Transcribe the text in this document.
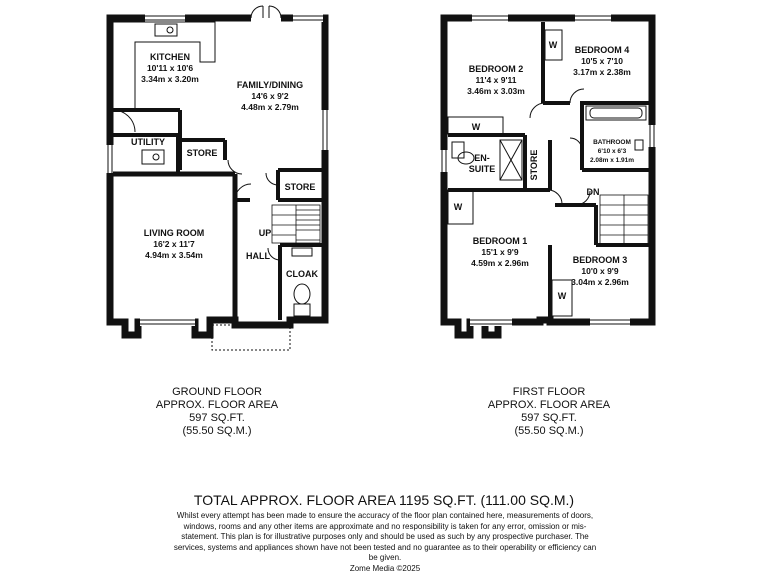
KITCHEN
10'11 x 10'6
3.34m x 3.20m
FAMILY/DINING
14'6 x 9'2
4.48m x 2.79m
UTILITY
STORE
STORE
LIVING ROOM
16'2 x 11'7
4.94m x 3.54m
UP
HALL
CLOAK
BEDROOM 2
11'4 x 9'11
3.46m x 3.03m
BEDROOM 4
10'5 x 7'10
3.17m x 2.38m
BATHROOM
6'10 x 6'3
2.08m x 1.91m
EN-
SUITE	STORE
DN
BEDROOM 1
15'1 x 9'9
4.59m x 2.96m	BEDROOM 3
10'0 x 9'9
3.04m x 2.96m
W
W
W
W
GROUND FLOOR
APPROX. FLOOR AREA
597 SQ.FT.
(55.50 SQ.M.)
FIRST FLOOR
APPROX. FLOOR AREA
597 SQ.FT.
(55.50 SQ.M.)
TOTAL APPROX. FLOOR AREA 1195 SQ.FT. (111.00 SQ.M.)
Whilst every attempt has been made to ensure the accuracy of the floor plan contained here, measurements of doors, windows, rooms and any other items are approximate and no responsibility is taken for any error, omission or mis-statement. This plan is for illustrative purposes only and should be used as such by any prospective purchaser. The services, systems and appliances shown have not been tested and no guarantee as to their operability or efficiency can be given.
Zome Media ©2025
